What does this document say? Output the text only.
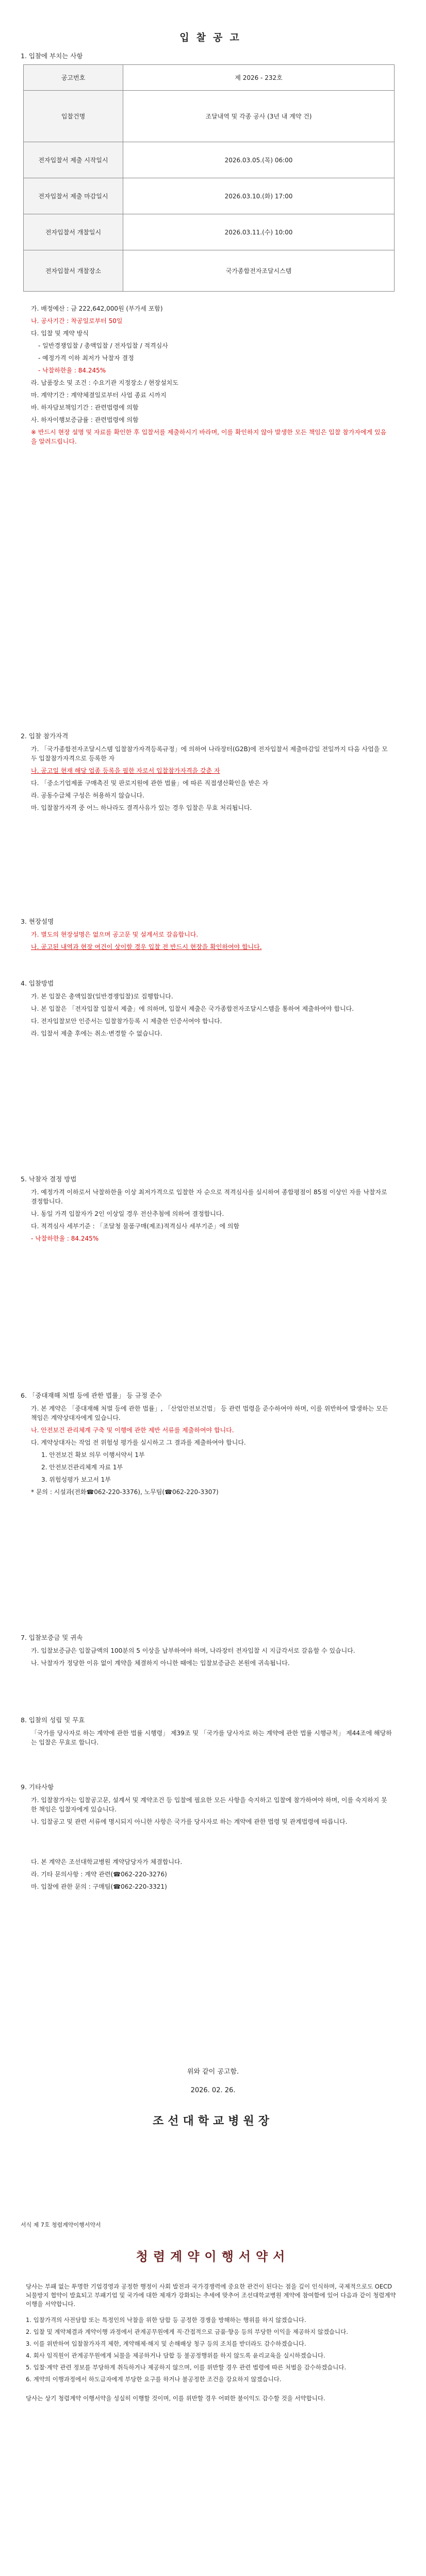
입찰공고
1. 입찰에 부치는 사항
공고번호	제 2026 - 232호
입찰건명	조달내역 및 각종 공사 (3년 내 계약 건)
전자입찰서 제출 시작일시	2026.03.05.(목) 06:00
전자입찰서 제출 마감일시	2026.03.10.(화) 17:00
전자입찰서 개찰일시	2026.03.11.(수) 10:00
전자입찰서 개찰장소	국가종합전자조달시스템

가. 배정예산 : 금 222,642,000원 (부가세 포함)

나. 공사기간 : 착공일로부터 50일

다. 입찰 및 계약 방식

- 일반경쟁입찰 / 총액입찰 / 전자입찰 / 적격심사

- 예정가격 이하 최저가 낙찰자 결정

- 낙찰하한율 : 84.245%

라. 납품장소 및 조건 : 수요기관 지정장소 / 현장설치도

마. 계약기간 : 계약체결일로부터 사업 종료 시까지

바. 하자담보책임기간 : 관련법령에 의함

사. 하자이행보증금률 : 관련법령에 의함

※ 반드시 현장 설명 및 자료를 확인한 후 입찰서를 제출하시기 바라며, 이를 확인하지 않아 발생한 모든 책임은 입찰 참가자에게 있음을 알려드립니다.

2. 입찰 참가자격

가. 「국가종합전자조달시스템 입찰참가자격등록규정」에 의하여 나라장터(G2B)에 전자입찰서 제출마감일 전일까지 다음 사업을 모두 입찰참가자격으로 등록한 자

나. 공고일 현재 해당 업종 등록을 필한 자로서 입찰참가자격을 갖춘 자

다. 「중소기업제품 구매촉진 및 판로지원에 관한 법률」에 따른 직접생산확인을 받은 자

라. 공동수급체 구성은 허용하지 않습니다.

마. 입찰참가자격 중 어느 하나라도 결격사유가 있는 경우 입찰은 무효 처리됩니다.

3. 현장설명

가. 별도의 현장설명은 없으며 공고문 및 설계서로 갈음합니다.

나. 공고된 내역과 현장 여건이 상이할 경우 입찰 전 반드시 현장을 확인하여야 합니다.

4. 입찰방법

가. 본 입찰은 총액입찰(일반경쟁입찰)로 집행합니다.

나. 본 입찰은 「전자입찰 입찰서 제출」에 의하며, 입찰서 제출은 국가종합전자조달시스템을 통하여 제출하여야 합니다.

다. 전자입찰보안 인증서는 입찰참가등록 시 제출한 인증서여야 합니다.

라. 입찰서 제출 후에는 취소·변경할 수 없습니다.

5. 낙찰자 결정 방법

가. 예정가격 이하로서 낙찰하한율 이상 최저가격으로 입찰한 자 순으로 적격심사를 실시하여 종합평점이 85점 이상인 자를 낙찰자로 결정합니다.

나. 동일 가격 입찰자가 2인 이상일 경우 전산추첨에 의하여 결정합니다.

다. 적격심사 세부기준 : 「조달청 물품구매(제조)적격심사 세부기준」에 의함

- 낙찰하한율 : 84.245%

6. 「중대재해 처벌 등에 관한 법률」 등 규정 준수

가. 본 계약은 「중대재해 처벌 등에 관한 법률」, 「산업안전보건법」 등 관련 법령을 준수하여야 하며, 이를 위반하여 발생하는 모든 책임은 계약상대자에게 있습니다.

나. 안전보건 관리체계 구축 및 이행에 관한 제반 서류를 제출하여야 합니다.

다. 계약상대자는 작업 전 위험성 평가를 실시하고 그 결과를 제출하여야 합니다.

1. 안전보건 확보 의무 이행서약서 1부

2. 안전보건관리체계 자료 1부

3. 위험성평가 보고서 1부

* 문의 : 시설과(전화☎062-220-3376), 노무팀(☎062-220-3307)

7. 입찰보증금 및 귀속

가. 입찰보증금은 입찰금액의 100분의 5 이상을 납부하여야 하며, 나라장터 전자입찰 시 지급각서로 갈음할 수 있습니다.

나. 낙찰자가 정당한 이유 없이 계약을 체결하지 아니한 때에는 입찰보증금은 본원에 귀속됩니다.

8. 입찰의 성립 및 무효

「국가를 당사자로 하는 계약에 관한 법률 시행령」 제39조 및 「국가를 당사자로 하는 계약에 관한 법률 시행규칙」 제44조에 해당하는 입찰은 무효로 합니다.

9. 기타사항

가. 입찰참가자는 입찰공고문, 설계서 및 계약조건 등 입찰에 필요한 모든 사항을 숙지하고 입찰에 참가하여야 하며, 이를 숙지하지 못한 책임은 입찰자에게 있습니다.

나. 입찰공고 및 관련 서류에 명시되지 아니한 사항은 국가를 당사자로 하는 계약에 관한 법령 및 관계법령에 따릅니다.

다. 본 계약은 조선대학교병원 계약담당자가 체결합니다.

라. 기타 문의사항 : 계약 관련(☎062-220-3276)

마. 입찰에 관한 문의 : 구매팀(☎062-220-3321)

위와 같이 공고함.
2026. 02. 26.
조선대학교병원장
서식 제 7호 청렴계약이행서약서
청렴계약이행서약서

당사는 부패 없는 투명한 기업경영과 공정한 행정이 사회 발전과 국가경쟁력에 중요한 관건이 된다는 점을 깊이 인식하며, 국제적으로도 OECD 뇌물방지 협약이 발효되고 부패기업 및 국가에 대한 제재가 강화되는 추세에 맞추어 조선대학교병원 계약에 참여함에 있어 다음과 같이 청렴계약 이행을 서약합니다.

1. 입찰가격의 사전담합 또는 특정인의 낙찰을 위한 담합 등 공정한 경쟁을 방해하는 행위를 하지 않겠습니다.

2. 입찰 및 계약체결과 계약이행 과정에서 관계공무원에게 직·간접적으로 금품·향응 등의 부당한 이익을 제공하지 않겠습니다.

3. 이를 위반하여 입찰참가자격 제한, 계약해제·해지 및 손해배상 청구 등의 조치를 받더라도 감수하겠습니다.

4. 회사 임직원이 관계공무원에게 뇌물을 제공하거나 담합 등 불공정행위를 하지 않도록 윤리교육을 실시하겠습니다.

5. 입찰·계약 관련 정보를 부당하게 취득하거나 제공하지 않으며, 이를 위반할 경우 관련 법령에 따른 처벌을 감수하겠습니다.

6. 계약의 이행과정에서 하도급자에게 부당한 요구를 하거나 불공정한 조건을 강요하지 않겠습니다.

당사는 상기 청렴계약 이행서약을 성실히 이행할 것이며, 이를 위반할 경우 어떠한 불이익도 감수할 것을 서약합니다.
